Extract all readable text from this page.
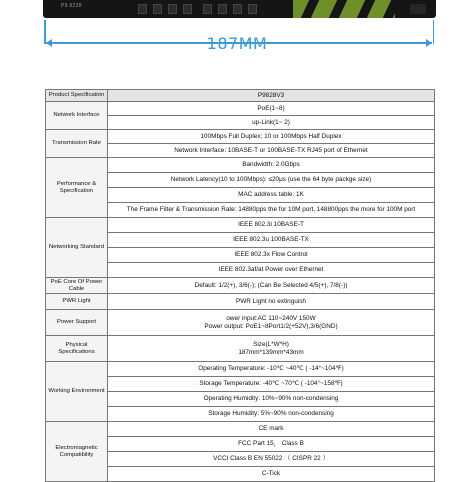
P9 8228
187MM
Product Specification	P9828V3
Network Interface	PoE(1~8)
	up-Link(1~ 2)
Transmission Rate	100Mbps Full Duplex; 10 or 100Mbps Half Duplex
	Network Interface: 10BASE-T or 100BASE-TX RJ45 port of Ethernet
Performance & Specification	Bandwidth: 2.0Gbps
	Network Latency(10 to 100Mbps): ≤20μs (use the 64 byte packge size)
	MAC address table: 1K
	The Frame Filter & Transmission Rate: 14880pps the for 10M port, 148800pps the more for 100M port
Networking Standard	IEEE 802.3i 10BASE-T
	IEEE 802.3u 100BASE-TX
	IEEE 802.3x Flow Control
	IEEE 802.3af/at Power over Ethernet
PoE Core Of Power Cable	Default: 1/2(+), 3/6(-); (Can Be Selected 4/5(+), 7/8(-))
PWR Light	PWR Light no extinguish
Power Support	ower input:AC 110~240V 150W
Power output: PoE1~8Port1/2(+52V),3/6(GND)
Physical Specifications	Size(L*W*H)
187mm*139mm*43mm
Working Environment	Operating Temperature: -10℃ ~40℃ ( -14°~104℉)
	Storage Temperature: -40℃ ~70℃ ( -104°~158℉)
	Operating Humidity: 10%~90% non-condensing
	Storage Humidity: 5%~90% non-condensing
Electromagnetic Compatibility	CE mark
	FCC Part 15， Class B
	VCCI Class B EN 55022 （ CISPR 22 ）
	C-Tick
